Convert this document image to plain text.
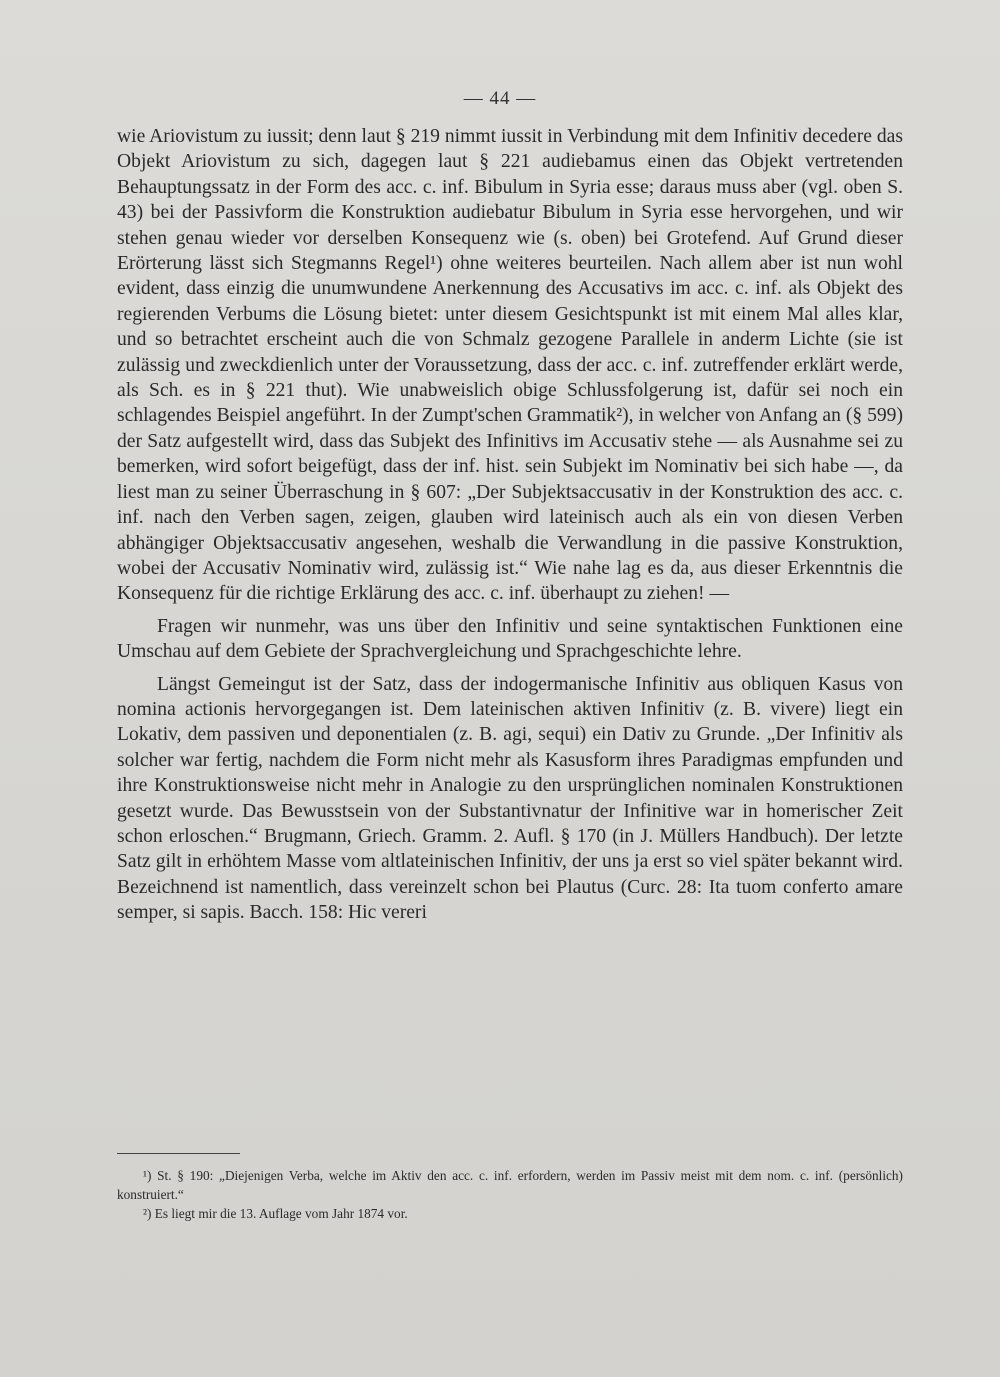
— 44 —

wie Ariovistum zu iussit; denn laut § 219 nimmt iussit in Verbindung mit dem Infinitiv decedere das Objekt Ariovistum zu sich, dagegen laut § 221 audiebamus einen das Objekt vertretenden Behauptungssatz in der Form des acc. c. inf. Bibulum in Syria esse; daraus muss aber (vgl. oben S. 43) bei der Passivform die Konstruktion audiebatur Bibulum in Syria esse hervorgehen, und wir stehen genau wieder vor derselben Konsequenz wie (s. oben) bei Grotefend. Auf Grund dieser Erörterung lässt sich Stegmanns Regel¹) ohne weiteres beurteilen. Nach allem aber ist nun wohl evident, dass einzig die unumwundene Anerkennung des Accusativs im acc. c. inf. als Objekt des regierenden Verbums die Lösung bietet: unter diesem Gesichtspunkt ist mit einem Mal alles klar, und so betrachtet erscheint auch die von Schmalz gezogene Parallele in anderm Lichte (sie ist zulässig und zweckdienlich unter der Voraussetzung, dass der acc. c. inf. zutreffender erklärt werde, als Sch. es in § 221 thut). Wie unabweislich obige Schlussfolgerung ist, dafür sei noch ein schlagendes Beispiel angeführt. In der Zumpt'schen Grammatik²), in welcher von Anfang an (§ 599) der Satz aufgestellt wird, dass das Subjekt des Infinitivs im Accusativ stehe — als Ausnahme sei zu bemerken, wird sofort beigefügt, dass der inf. hist. sein Subjekt im Nominativ bei sich habe —, da liest man zu seiner Überraschung in § 607: „Der Subjektsaccusativ in der Konstruktion des acc. c. inf. nach den Verben sagen, zeigen, glauben wird lateinisch auch als ein von diesen Verben abhängiger Objektsaccusativ angesehen, weshalb die Verwandlung in die passive Konstruktion, wobei der Accusativ Nominativ wird, zulässig ist.“ Wie nahe lag es da, aus dieser Erkenntnis die Konsequenz für die richtige Erklärung des acc. c. inf. überhaupt zu ziehen! —

Fragen wir nunmehr, was uns über den Infinitiv und seine syntaktischen Funktionen eine Umschau auf dem Gebiete der Sprachvergleichung und Sprachgeschichte lehre.

Längst Gemeingut ist der Satz, dass der indogermanische Infinitiv aus obliquen Kasus von nomina actionis hervorgegangen ist. Dem lateinischen aktiven Infinitiv (z. B. vivere) liegt ein Lokativ, dem passiven und deponentialen (z. B. agi, sequi) ein Dativ zu Grunde. „Der Infinitiv als solcher war fertig, nachdem die Form nicht mehr als Kasusform ihres Paradigmas empfunden und ihre Konstruktionsweise nicht mehr in Analogie zu den ursprünglichen nominalen Konstruktionen gesetzt wurde. Das Bewusstsein von der Substantivnatur der Infinitive war in homerischer Zeit schon erloschen.“ Brugmann, Griech. Gramm. 2. Aufl. § 170 (in J. Müllers Handbuch). Der letzte Satz gilt in erhöhtem Masse vom altlateinischen Infinitiv, der uns ja erst so viel später bekannt wird. Bezeichnend ist namentlich, dass vereinzelt schon bei Plautus (Curc. 28: Ita tuom conferto amare semper, si sapis. Bacch. 158: Hic vereri

¹) St. § 190: „Diejenigen Verba, welche im Aktiv den acc. c. inf. erfordern, werden im Passiv meist mit dem nom. c. inf. (persönlich) konstruiert.“

²) Es liegt mir die 13. Auflage vom Jahr 1874 vor.
